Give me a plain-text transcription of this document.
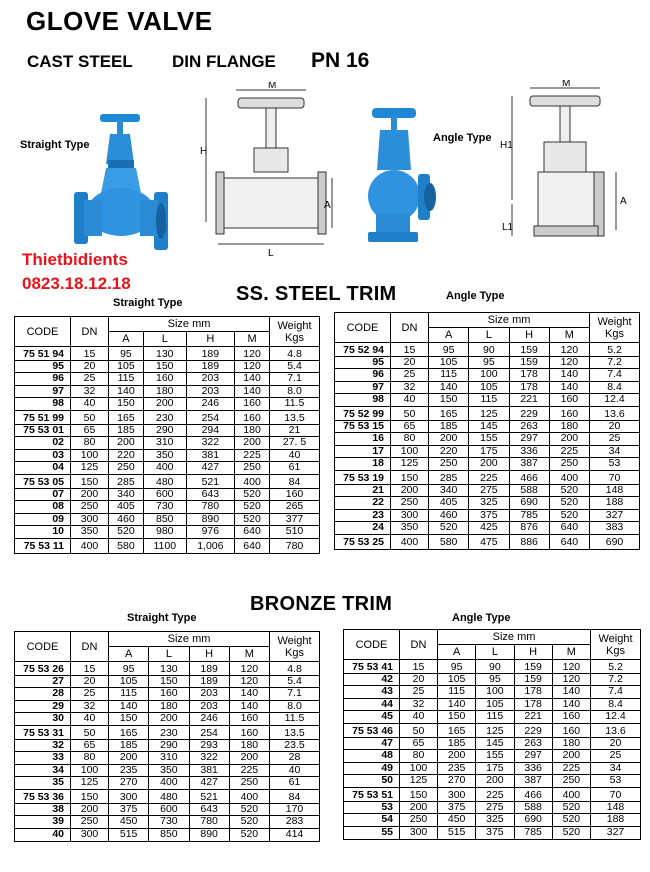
GLOVE VALVE
CAST STEEL DIN FLANGE PN 16
Straight Type
Angle Type
M
H
A
L
M
H1
L1
A
Thietbidients
0823.18.12.18
Straight Type	SS. STEEL TRIM	Angle Type
CODE	DN	Size mm				Weight Kgs
		A	L	H	M	
75 51 94	15	95	130	189	120	4.8
95	20	105	150	189	120	5.4
96	25	115	160	203	140	7.1
97	32	140	180	203	140	8.0
98	40	150	200	246	160	11.5
75 51 99	50	165	230	254	160	13.5
75 53 01	65	185	290	294	180	21
02	80	200	310	322	200	27. 5
03	100	220	350	381	225	40
04	125	250	400	427	250	61
75 53 05	150	285	480	521	400	84
07	200	340	600	643	520	160
08	250	405	730	780	520	265
09	300	460	850	890	520	377
10	350	520	980	976	640	510
75 53 11	400	580	1100	1,006	640	780
CODE	DN	Size mm				Weight Kgs
		A	L	H	M	
75 52 94	15	95	90	159	120	5.2
95	20	105	95	159	120	7.2
96	25	115	100	178	140	7.4
97	32	140	105	178	140	8.4
98	40	150	115	221	160	12.4
75 52 99	50	165	125	229	160	13.6
75 53 15	65	185	145	263	180	20
16	80	200	155	297	200	25
17	100	220	175	336	225	34
18	125	250	200	387	250	53
75 53 19	150	285	225	466	400	70
21	200	340	275	588	520	148
22	250	405	325	690	520	188
23	300	460	375	785	520	327
24	350	520	425	876	640	383
75 53 25	400	580	475	886	640	690
BRONZE TRIM
Straight Type	Angle Type
CODE	DN	Size mm				Weight Kgs
		A	L	H	M	
75 53 26	15	95	130	189	120	4.8
27	20	105	150	189	120	5.4
28	25	115	160	203	140	7.1
29	32	140	180	203	140	8.0
30	40	150	200	246	160	11.5
75 53 31	50	165	230	254	160	13.5
32	65	185	290	293	180	23.5
33	80	200	310	322	200	28
34	100	235	350	381	225	40
35	125	270	400	427	250	61
75 53 36	150	300	480	521	400	84
38	200	375	600	643	520	170
39	250	450	730	780	520	283
40	300	515	850	890	520	414
CODE	DN	Size mm				Weight Kgs
		A	L	H	M	
75 53 41	15	95	90	159	120	5.2
42	20	105	95	159	120	7.2
43	25	115	100	178	140	7.4
44	32	140	105	178	140	8.4
45	40	150	115	221	160	12.4
75 53 46	50	165	125	229	160	13.6
47	65	185	145	263	180	20
48	80	200	155	297	200	25
49	100	235	175	336	225	34
50	125	270	200	387	250	53
75 53 51	150	300	225	466	400	70
53	200	375	275	588	520	148
54	250	450	325	690	520	188
55	300	515	375	785	520	327
